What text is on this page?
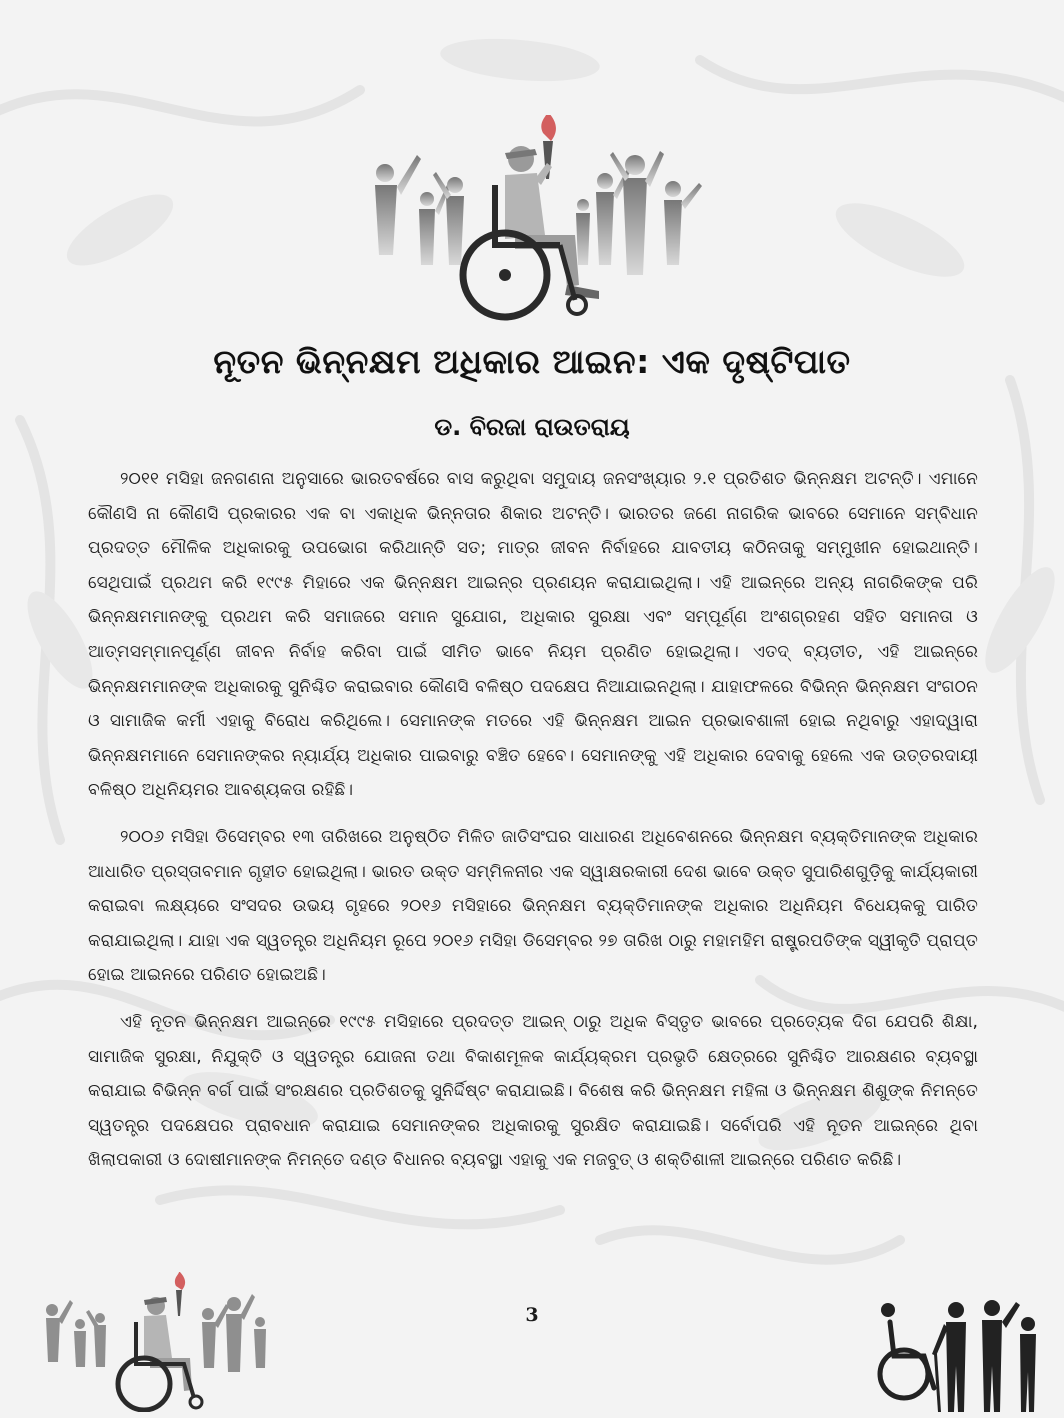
ନୂତନ ଭିନ୍ନକ୍ଷମ ଅଧିକାର ଆଇନ: ଏକ ଦୃଷ୍ଟିପାତ
ଡ. ବିରଜା ରାଉତରାୟ

୨୦୧୧ ମସିହା ଜନଗଣନା ଅନୁସାରେ ଭାରତବର୍ଷରେ ବାସ କରୁଥିବା ସମୁଦାୟ ଜନସଂଖ୍ୟାର ୨.୧ ପ୍ରତିଶତ ଭିନ୍ନକ୍ଷମ ଅଟନ୍ତି। ଏମାନେ କୌଣସି ନା କୌଣସି ପ୍ରକାରର ଏକ ବା ଏକାଧିକ ଭିନ୍ନତାର ଶିକାର ଅଟନ୍ତି। ଭାରତର ଜଣେ ନାଗରିକ ଭାବରେ ସେମାନେ ସମ୍ବିଧାନ ପ୍ରଦତ୍ତ ମୌଳିକ ଅଧିକାରକୁ ଉପଭୋଗ କରିଥାନ୍ତି ସତ; ମାତ୍ର ଜୀବନ ନିର୍ବାହରେ ଯାବତୀୟ କଠିନତାକୁ ସମ୍ମୁଖୀନ ହୋଇଥାନ୍ତି। ସେଥିପାଇଁ ପ୍ରଥମ କରି ୧୯୯୫ ମିହାରେ ଏକ ଭିନ୍ନକ୍ଷମ ଆଇନ୍‌ର ପ୍ରଣୟନ କରାଯାଇଥିଲା। ଏହି ଆଇନ୍‌ରେ ଅନ୍ୟ ନାଗରିକଙ୍କ ପରି ଭିନ୍ନକ୍ଷମମାନଙ୍କୁ ପ୍ରଥମ କରି ସମାଜରେ ସମାନ ସୁଯୋଗ, ଅଧିକାର ସୁରକ୍ଷା ଏବଂ ସମ୍ପୂର୍ଣ୍ଣ ଅଂଶଗ୍ରହଣ ସହିତ ସମାନତା ଓ ଆତ୍ମସମ୍ମାନପୂର୍ଣ୍ଣ ଜୀବନ ନିର୍ବାହ କରିବା ପାଇଁ ସୀମିତ ଭାବେ ନିୟମ ପ୍ରଣିତ ହୋଇଥିଲା। ଏତଦ୍ ବ୍ୟତୀତ, ଏହି ଆଇନ୍‌ରେ ଭିନ୍ନକ୍ଷମମାନଙ୍କ ଅଧିକାରକୁ ସୁନିଶ୍ଚିତ କରାଇବାର କୌଣସି ବଳିଷ୍ଠ ପଦକ୍ଷେପ ନିଆଯାଇନଥିଲା। ଯାହାଫଳରେ ବିଭିନ୍ନ ଭିନ୍ନକ୍ଷମ ସଂଗଠନ ଓ ସାମାଜିକ କର୍ମୀ ଏହାକୁ ବିରୋଧ କରିଥିଲେ। ସେମାନଙ୍କ ମତରେ ଏହି ଭିନ୍ନକ୍ଷମ ଆଇନ ପ୍ରଭାବଶାଳୀ ହୋଇ ନଥିବାରୁ ଏହାଦ୍ୱାରା ଭିନ୍ନକ୍ଷମମାନେ ସେମାନଙ୍କର ନ୍ୟାର୍ଯ୍ୟ ଅଧିକାର ପାଇବାରୁ ବଞ୍ଚିତ ହେବେ। ସେମାନଙ୍କୁ ଏହି ଅଧିକାର ଦେବାକୁ ହେଲେ ଏକ ଉତ୍ତରଦାୟୀ ବଳିଷ୍ଠ ଅଧିନିୟମର ଆବଶ୍ୟକତା ରହିଛି।

୨୦୦୬ ମସିହା ଡିସେମ୍ବର ୧୩ ତାରିଖରେ ଅନୁଷ୍ଠିତ ମିଳିତ ଜାତିସଂଘର ସାଧାରଣ ଅଧିବେଶନରେ ଭିନ୍ନକ୍ଷମ ବ୍ୟକ୍ତିମାନଙ୍କ ଅଧିକାର ଆଧାରିତ ପ୍ରସ୍ତାବମାନ ଗୃହୀତ ହୋଇଥିଲା। ଭାରତ ଉକ୍ତ ସମ୍ମିଳନୀର ଏକ ସ୍ୱାକ୍ଷରକାରୀ ଦେଶ ଭାବେ ଉକ୍ତ ସୁପାରିଶଗୁଡ଼ିକୁ କାର୍ଯ୍ୟକାରୀ କରାଇବା ଲକ୍ଷ୍ୟରେ ସଂସଦର ଉଭୟ ଗୃହରେ ୨୦୧୬ ମସିହାରେ ଭିନ୍ନକ୍ଷମ ବ୍ୟକ୍ତିମାନଙ୍କ ଅଧିକାର ଅଧିନିୟମ ବିଧେୟକକୁ ପାରିତ କରାଯାଇଥିଲା। ଯାହା ଏକ ସ୍ୱତନ୍ତ୍ର ଅଧିନିୟମ ରୂପେ ୨୦୧୬ ମସିହା ଡିସେମ୍ବର ୨୭ ତାରିଖ ଠାରୁ ମହାମହିମ ରାଷ୍ଟ୍ରପତିଙ୍କ ସ୍ୱୀକୃତି ପ୍ରାପ୍ତ ହୋଇ ଆଇନରେ ପରିଣତ ହୋଇଅଛି।

ଏହି ନୂତନ ଭିନ୍ନକ୍ଷମ ଆଇନ୍‌ରେ ୧୯୯୫ ମସିହାରେ ପ୍ରଦତ୍ତ ଆଇନ୍ ଠାରୁ ଅଧିକ ବିସ୍ତୃତ ଭାବରେ ପ୍ରତ୍ୟେକ ଦିଗ ଯେପରି ଶିକ୍ଷା, ସାମାଜିକ ସୁରକ୍ଷା, ନିଯୁକ୍ତି ଓ ସ୍ୱତନ୍ତ୍ର ଯୋଜନା ତଥା ବିକାଶମୂଳକ କାର୍ଯ୍ୟକ୍ରମ ପ୍ରଭୃତି କ୍ଷେତ୍ରରେ ସୁନିଶ୍ଚିତ ଆରକ୍ଷଣର ବ୍ୟବସ୍ଥା କରାଯାଇ ବିଭିନ୍ନ ବର୍ଗ ପାଇଁ ସଂରକ୍ଷଣର ପ୍ରତିଶତକୁ ସୁନିର୍ଦ୍ଦିଷ୍ଟ କରାଯାଇଛି। ବିଶେଷ କରି ଭିନ୍ନକ୍ଷମ ମହିଳା ଓ ଭିନ୍ନକ୍ଷମ ଶିଶୁଙ୍କ ନିମନ୍ତେ ସ୍ୱତନ୍ତ୍ର ପଦକ୍ଷେପର ପ୍ରାବଧାନ କରାଯାଇ ସେମାନଙ୍କର ଅଧିକାରକୁ ସୁରକ୍ଷିତ କରାଯାଇଛି। ସର୍ବୋପରି ଏହି ନୂତନ ଆଇନ୍‌ରେ ଥିବା ଖିଲାପକାରୀ ଓ ଦୋଷୀମାନଙ୍କ ନିମନ୍ତେ ଦଣ୍ଡ ବିଧାନର ବ୍ୟବସ୍ଥା ଏହାକୁ ଏକ ମଜବୁତ୍ ଓ ଶକ୍ତିଶାଳୀ ଆଇନ୍‌ରେ ପରିଣତ କରିଛି।

3
